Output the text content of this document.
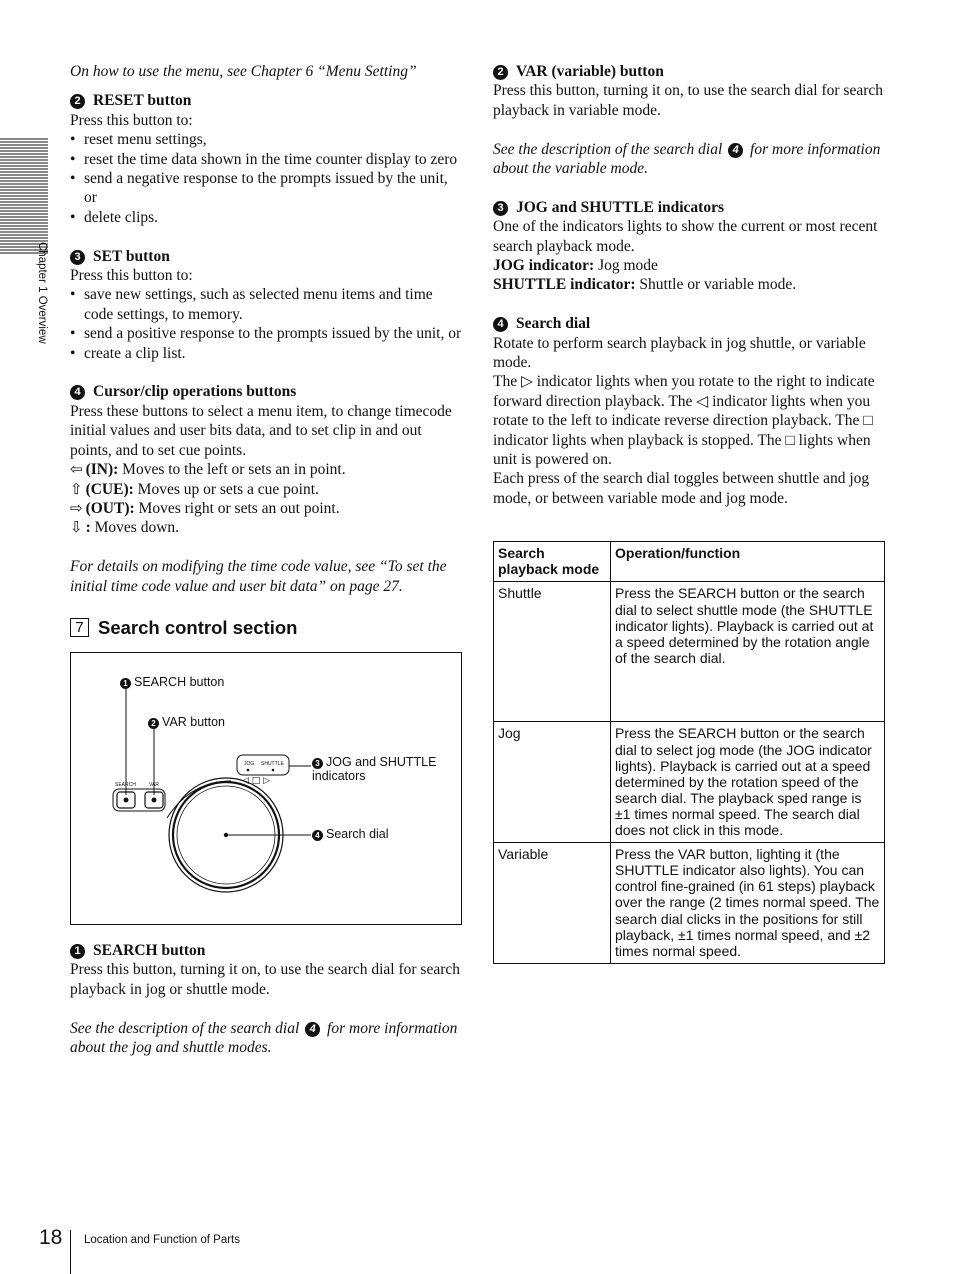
Chapter 1 Overview

On how to use the menu, see Chapter 6 “Menu Setting”

2 RESET button

Press this button to:

• reset menu settings,
• reset the time data shown in the time counter display to zero
• send a negative response to the prompts issued by the unit, or
• delete clips.

3 SET button

Press this button to:

• save new settings, such as selected menu items and time code settings, to memory.
• send a positive response to the prompts issued by the unit, or
• create a clip list.

4 Cursor/clip operations buttons

Press these buttons to select a menu item, to change timecode initial values and user bits data, and to set clip in and out points, and to set cue points.

⇦ (IN): Moves to the left or sets an in point.

⇧ (CUE): Moves up or sets a cue point.

⇨ (OUT): Moves right or sets an out point.

⇩ : Moves down.

For details on modifying the time code value, see “To set the initial time code value and user bit data” on page 27.

7 Search control section
JOG SHUTTLE
◁ □ ▷
SEARCH	VAR
1 SEARCH button
2 VAR button
3 JOG and SHUTTLE indicators
4 Search dial

1 SEARCH button

Press this button, turning it on, to use the search dial for search playback in jog or shuttle mode.

See the description of the search dial 4 for more information about the jog and shuttle modes.

2 VAR (variable) button

Press this button, turning it on, to use the search dial for search playback in variable mode.

See the description of the search dial 4 for more information about the variable mode.

3 JOG and SHUTTLE indicators

One of the indicators lights to show the current or most recent search playback mode.

JOG indicator: Jog mode

SHUTTLE indicator: Shuttle or variable mode.

4 Search dial

Rotate to perform search playback in jog shuttle, or variable mode.

The ▷ indicator lights when you rotate to the right to indicate forward direction playback. The ◁ indicator lights when you rotate to the left to indicate reverse direction playback. The □ indicator lights when playback is stopped. The □ lights when unit is powered on.

Each press of the search dial toggles between shuttle and jog mode, or between variable mode and jog mode.

Search playback mode	Operation/function
Shuttle	Press the SEARCH button or the search dial to select shuttle mode (the SHUTTLE indicator lights). Playback is carried out at a speed determined by the rotation angle of the search dial.
Jog	Press the SEARCH button or the search dial to select jog mode (the JOG indicator lights). Playback is carried out at a speed determined by the rotation speed of the search dial. The playback sped range is ±1 times normal speed. The search dial does not click in this mode.
Variable	Press the VAR button, lighting it (the SHUTTLE indicator also lights). You can control fine-grained (in 61 steps) playback over the range (2 times normal speed. The search dial clicks in the positions for still playback, ±1 times normal speed, and ±2 times normal speed.
18 Location and Function of Parts
